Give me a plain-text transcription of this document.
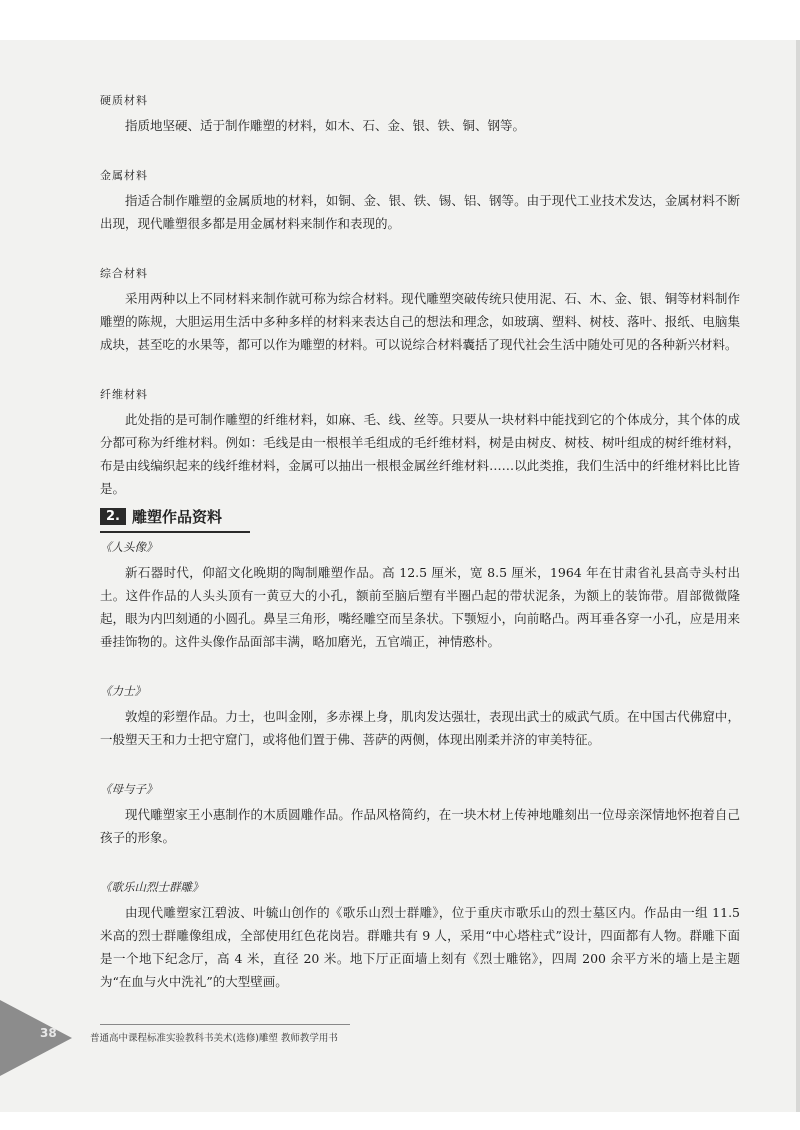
硬质材料

指质地坚硬、适于制作雕塑的材料，如木、石、金、银、铁、铜、钢等。

金属材料

指适合制作雕塑的金属质地的材料，如铜、金、银、铁、锡、铝、钢等。由于现代工业技术发达，金属材料不断出现，现代雕塑很多都是用金属材料来制作和表现的。

综合材料

采用两种以上不同材料来制作就可称为综合材料。现代雕塑突破传统只使用泥、石、木、金、银、铜等材料制作雕塑的陈规，大胆运用生活中多种多样的材料来表达自己的想法和理念，如玻璃、塑料、树枝、落叶、报纸、电脑集成块，甚至吃的水果等，都可以作为雕塑的材料。可以说综合材料囊括了现代社会生活中随处可见的各种新兴材料。

纤维材料

此处指的是可制作雕塑的纤维材料，如麻、毛、线、丝等。只要从一块材料中能找到它的个体成分，其个体的成分都可称为纤维材料。例如：毛线是由一根根羊毛组成的毛纤维材料，树是由树皮、树枝、树叶组成的树纤维材料，布是由线编织起来的线纤维材料，金属可以抽出一根根金属丝纤维材料……以此类推，我们生活中的纤维材料比比皆是。

2. 雕塑作品资料
《人头像》

新石器时代，仰韶文化晚期的陶制雕塑作品。高 12.5 厘米，宽 8.5 厘米，1964 年在甘肃省礼县高寺头村出土。这件作品的人头头顶有一黄豆大的小孔，额前至脑后塑有半圈凸起的带状泥条，为额上的装饰带。眉部微微隆起，眼为内凹刻通的小圆孔。鼻呈三角形，嘴经雕空而呈条状。下颚短小，向前略凸。两耳垂各穿一小孔，应是用来垂挂饰物的。这件头像作品面部丰满，略加磨光，五官端正，神情憨朴。

《力士》

敦煌的彩塑作品。力士，也叫金刚，多赤裸上身，肌肉发达强壮，表现出武士的威武气质。在中国古代佛窟中，一般塑天王和力士把守窟门，或将他们置于佛、菩萨的两侧，体现出刚柔并济的审美特征。

《母与子》

现代雕塑家王小惠制作的木质圆雕作品。作品风格简约，在一块木材上传神地雕刻出一位母亲深情地怀抱着自己孩子的形象。

《歌乐山烈士群雕》

由现代雕塑家江碧波、叶毓山创作的《歌乐山烈士群雕》，位于重庆市歌乐山的烈士墓区内。作品由一组 11.5 米高的烈士群雕像组成，全部使用红色花岗岩。群雕共有 9 人，采用“中心塔柱式”设计，四面都有人物。群雕下面是一个地下纪念厅，高 4 米，直径 20 米。地下厅正面墙上刻有《烈士雕铭》，四周 200 余平方米的墙上是主题为“在血与火中洗礼”的大型壁画。

38	普通高中课程标准实验教科书美术(选修)雕塑 教师教学用书
